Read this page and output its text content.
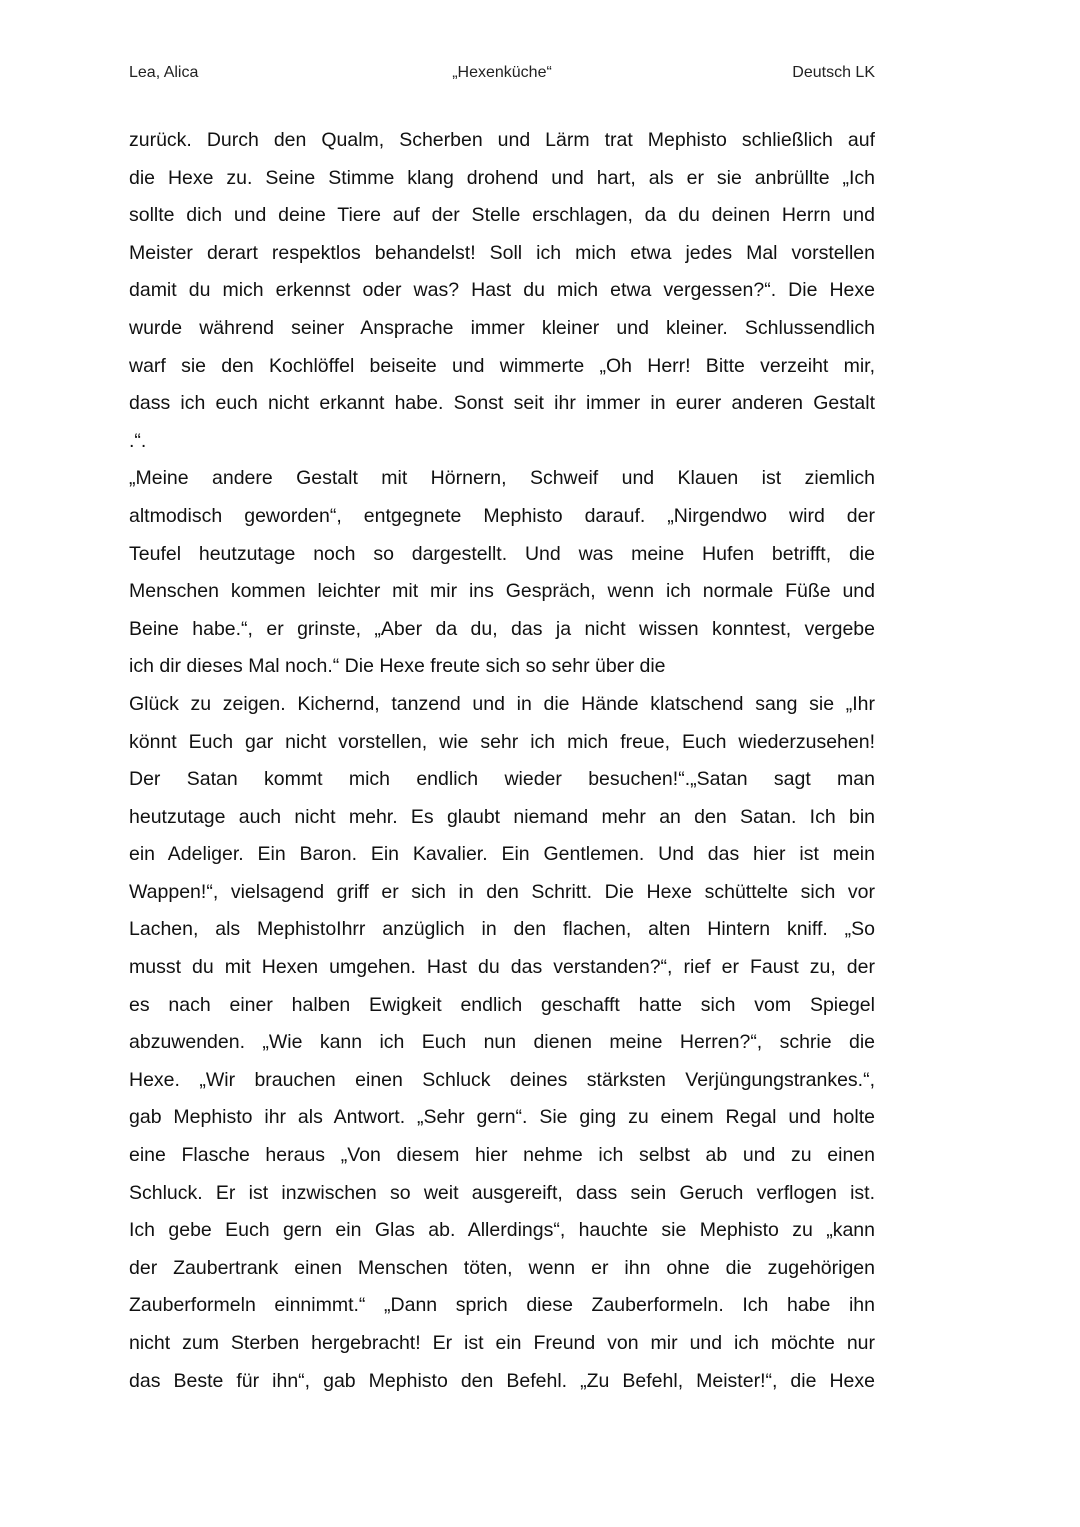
Lea, Alica	„Hexenküche“	Deutsch LK
zurück. Durch den Qualm, Scherben und Lärm trat Mephisto schließlich auf
die Hexe zu. Seine Stimme klang drohend und hart, als er sie anbrüllte „Ich
sollte dich und deine Tiere auf der Stelle erschlagen, da du deinen Herrn und
Meister derart respektlos behandelst! Soll ich mich etwa jedes Mal vorstellen
damit du mich erkennst oder was? Hast du mich etwa vergessen?“. Die Hexe
wurde während seiner Ansprache immer kleiner und kleiner. Schlussendlich
warf sie den Kochlöffel beiseite und wimmerte „Oh Herr! Bitte verzeiht mir,
dass ich euch nicht erkannt habe. Sonst seit ihr immer in eurer anderen Gestalt
.“.
„Meine andere Gestalt mit Hörnern, Schweif und Klauen ist ziemlich
altmodisch geworden“, entgegnete Mephisto darauf. „Nirgendwo wird der
Teufel heutzutage noch so dargestellt. Und was meine Hufen betrifft, die
Menschen kommen leichter mit mir ins Gespräch, wenn ich normale Füße und
Beine habe.“, er grinste, „Aber da du, das ja nicht wissen konntest, vergebe
ich dir dieses Mal noch.“ Die Hexe freute sich so sehr über die
Glück zu zeigen. Kichernd, tanzend und in die Hände klatschend sang sie „Ihr
könnt Euch gar nicht vorstellen, wie sehr ich mich freue, Euch wiederzusehen!
Der Satan kommt mich endlich wieder besuchen!“.„Satan sagt man
heutzutage auch nicht mehr. Es glaubt niemand mehr an den Satan. Ich bin
ein Adeliger. Ein Baron. Ein Kavalier. Ein Gentlemen. Und das hier ist mein
Wappen!“, vielsagend griff er sich in den Schritt. Die Hexe schüttelte sich vor
Lachen, als MephistoIhrr anzüglich in den flachen, alten Hintern kniff. „So
musst du mit Hexen umgehen. Hast du das verstanden?“, rief er Faust zu, der
es nach einer halben Ewigkeit endlich geschafft hatte sich vom Spiegel
abzuwenden. „Wie kann ich Euch nun dienen meine Herren?“, schrie die
Hexe. „Wir brauchen einen Schluck deines stärksten Verjüngungstrankes.“,
gab Mephisto ihr als Antwort. „Sehr gern“. Sie ging zu einem Regal und holte
eine Flasche heraus „Von diesem hier nehme ich selbst ab und zu einen
Schluck. Er ist inzwischen so weit ausgereift, dass sein Geruch verflogen ist.
Ich gebe Euch gern ein Glas ab. Allerdings“, hauchte sie Mephisto zu „kann
der Zaubertrank einen Menschen töten, wenn er ihn ohne die zugehörigen
Zauberformeln einnimmt.“ „Dann sprich diese Zauberformeln. Ich habe ihn
nicht zum Sterben hergebracht! Er ist ein Freund von mir und ich möchte nur
das Beste für ihn“, gab Mephisto den Befehl. „Zu Befehl, Meister!“, die Hexe
